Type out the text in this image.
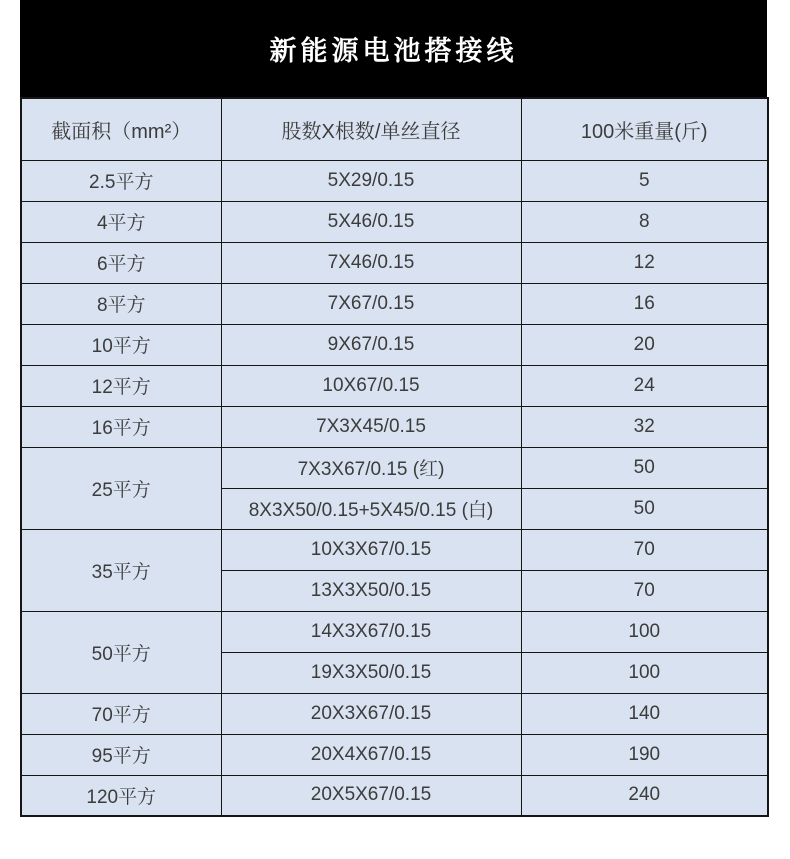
新能源电池搭接线
截面积（mm²）	股数X根数/单丝直径	100米重量(斤)
2.5平方	5X29/0.15	5
4平方	5X46/0.15	8
6平方	7X46/0.15	12
8平方	7X67/0.15	16
10平方	9X67/0.15	20
12平方	10X67/0.15	24
16平方	7X3X45/0.15	32
25平方	7X3X67/0.15 (红)	50
	8X3X50/0.15+5X45/0.15 (白)	50
35平方	10X3X67/0.15	70
	13X3X50/0.15	70
50平方	14X3X67/0.15	100
	19X3X50/0.15	100
70平方	20X3X67/0.15	140
95平方	20X4X67/0.15	190
120平方	20X5X67/0.15	240
